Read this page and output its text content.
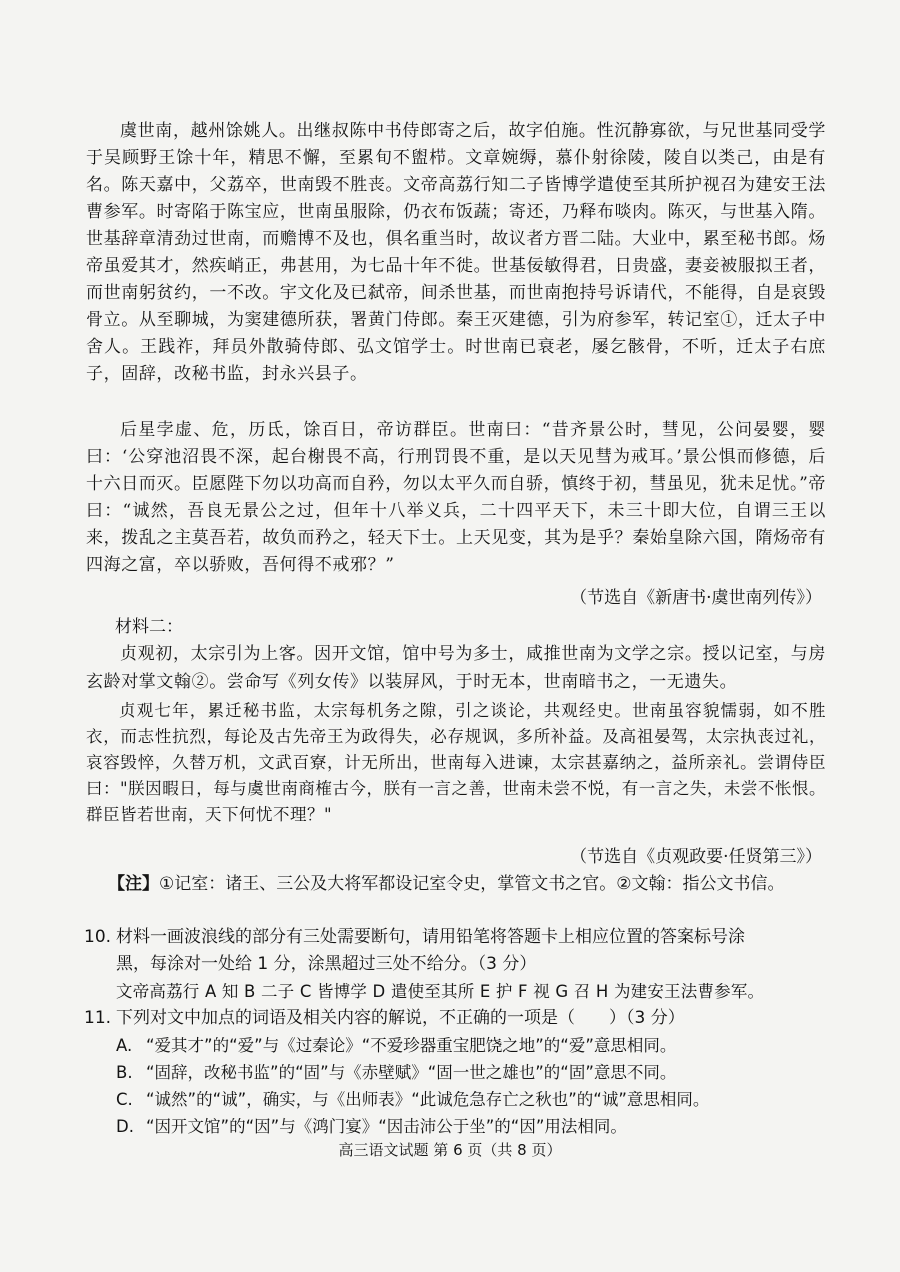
虞世南，越州馀姚人。出继叔陈中书侍郎寄之后，故字伯施。性沉静寡欲，与兄世基同受学于吴顾野王馀十年，精思不懈，至累旬不盥栉。文章婉缛，慕仆射徐陵，陵自以类己，由是有名。陈天嘉中，父荔卒，世南毁不胜丧。文帝高荔行知二子皆博学遣使至其所护视召为建安王法曹参军。时寄陷于陈宝应，世南虽服除，仍衣布饭蔬；寄还，乃释布啖肉。陈灭，与世基入隋。世基辞章清劲过世南，而赡博不及也，俱名重当时，故议者方晋二陆。大业中，累至秘书郎。炀帝虽爱其才，然疾峭正，弗甚用，为七品十年不徙。世基佞敏得君，日贵盛，妻妾被服拟王者，而世南躬贫约，一不改。宇文化及已弑帝，间杀世基，而世南抱持号诉请代，不能得，自是哀毁骨立。从至聊城，为窦建德所获，署黄门侍郎。秦王灭建德，引为府参军，转记室①，迁太子中舍人。王践祚，拜员外散骑侍郎、弘文馆学士。时世南已衰老，屡乞骸骨，不听，迁太子右庶子，固辞，改秘书监，封永兴县子。

后星孛虚、危，历氐，馀百日，帝访群臣。世南曰：“昔齐景公时，彗见，公问晏婴，婴曰：‘公穿池沼畏不深，起台榭畏不高，行刑罚畏不重，是以天见彗为戒耳。’景公惧而修德，后十六日而灭。臣愿陛下勿以功高而自矜，勿以太平久而自骄，慎终于初，彗虽见，犹未足忧。”帝曰：“诚然，吾良无景公之过，但年十八举义兵，二十四平天下，未三十即大位，自谓三王以来，拨乱之主莫吾若，故负而矜之，轻天下士。上天见变，其为是乎？秦始皇除六国，隋炀帝有四海之富，卒以骄败，吾何得不戒邪？”

（节选自《新唐书·虞世南列传》）
材料二：

贞观初，太宗引为上客。因开文馆，馆中号为多士，咸推世南为文学之宗。授以记室，与房玄龄对掌文翰②。尝命写《列女传》以装屏风，于时无本，世南暗书之，一无遗失。

贞观七年，累迁秘书监，太宗每机务之隙，引之谈论，共观经史。世南虽容貌懦弱，如不胜衣，而志性抗烈，每论及古先帝王为政得失，必存规讽，多所补益。及高祖晏驾，太宗执丧过礼，哀容毁悴，久替万机，文武百寮，计无所出，世南每入进谏，太宗甚嘉纳之，益所亲礼。尝谓侍臣曰："朕因暇日，每与虞世南商榷古今，朕有一言之善，世南未尝不悦，有一言之失，未尝不怅恨。群臣皆若世南，天下何忧不理？"

（节选自《贞观政要·任贤第三》）

【注】①记室：诸王、三公及大将军都设记室令史，掌管文书之官。②文翰：指公文书信。

10. 材料一画波浪线的部分有三处需要断句，请用铅笔将答题卡上相应位置的答案标号涂
黑，每涂对一处给 1 分，涂黑超过三处不给分。（3 分）
文帝高荔行 A 知 B 二子 C 皆博学 D 遣使至其所 E 护 F 视 G 召 H 为建安王法曹参军。
11. 下列对文中加点的词语及相关内容的解说，不正确的一项是（　　）（3 分）
A. “爱其才”的“爱”与《过秦论》“不爱珍器重宝肥饶之地”的“爱”意思相同。
B. “固辞，改秘书监”的“固”与《赤壁赋》“固一世之雄也”的“固”意思不同。
C. “诚然”的“诚”，确实，与《出师表》“此诚危急存亡之秋也”的“诚”意思相同。
D. “因开文馆”的“因”与《鸿门宴》“因击沛公于坐”的“因”用法相同。
高三语文试题 第 6 页（共 8 页）
